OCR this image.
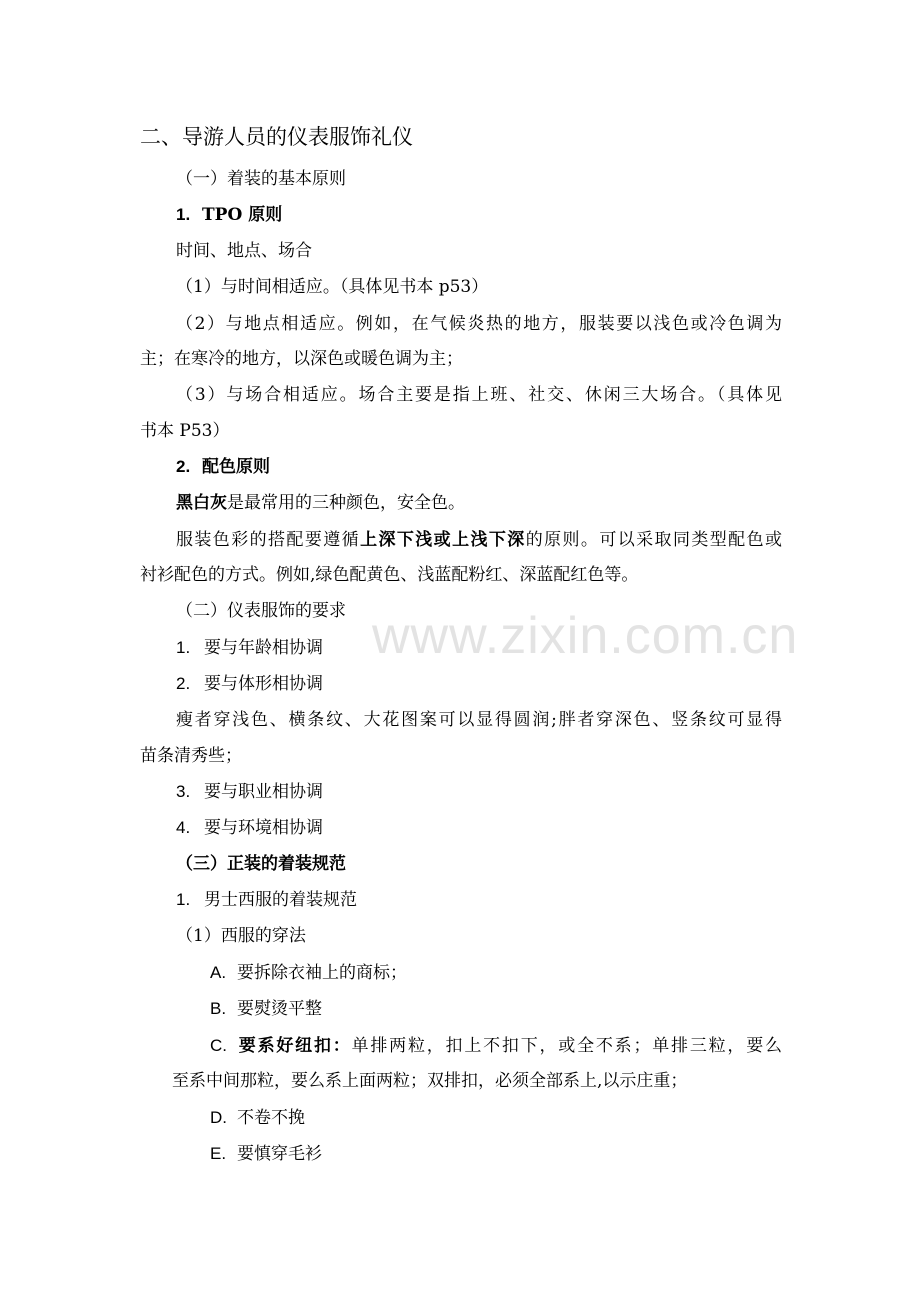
www.zixin.com.cn
二、导游人员的仪表服饰礼仪
（一）着装的基本原则
1. TPO 原则
时间、地点、场合
（1）与时间相适应。（具体见书本 p53）
（2）与地点相适应。例如，在气候炎热的地方，服装要以浅色或冷色调为
主；在寒冷的地方，以深色或暖色调为主；
（3）与场合相适应。场合主要是指上班、社交、休闲三大场合。（具体见
书本 P53）
2. 配色原则
黑白灰是最常用的三种颜色，安全色。
服装色彩的搭配要遵循上深下浅或上浅下深的原则。可以采取同类型配色或
衬衫配色的方式。例如,绿色配黄色、浅蓝配粉红、深蓝配红色等。
（二）仪表服饰的要求
1. 要与年龄相协调
2. 要与体形相协调
瘦者穿浅色、横条纹、大花图案可以显得圆润;胖者穿深色、竖条纹可显得
苗条清秀些；
3. 要与职业相协调
4. 要与环境相协调
（三）正装的着装规范
1. 男士西服的着装规范
（1）西服的穿法
A. 要拆除衣袖上的商标；
B. 要熨烫平整
C. 要系好纽扣：单排两粒，扣上不扣下，或全不系；单排三粒，要么
至系中间那粒，要么系上面两粒；双排扣，必须全部系上,以示庄重；
D. 不卷不挽
E. 要慎穿毛衫
